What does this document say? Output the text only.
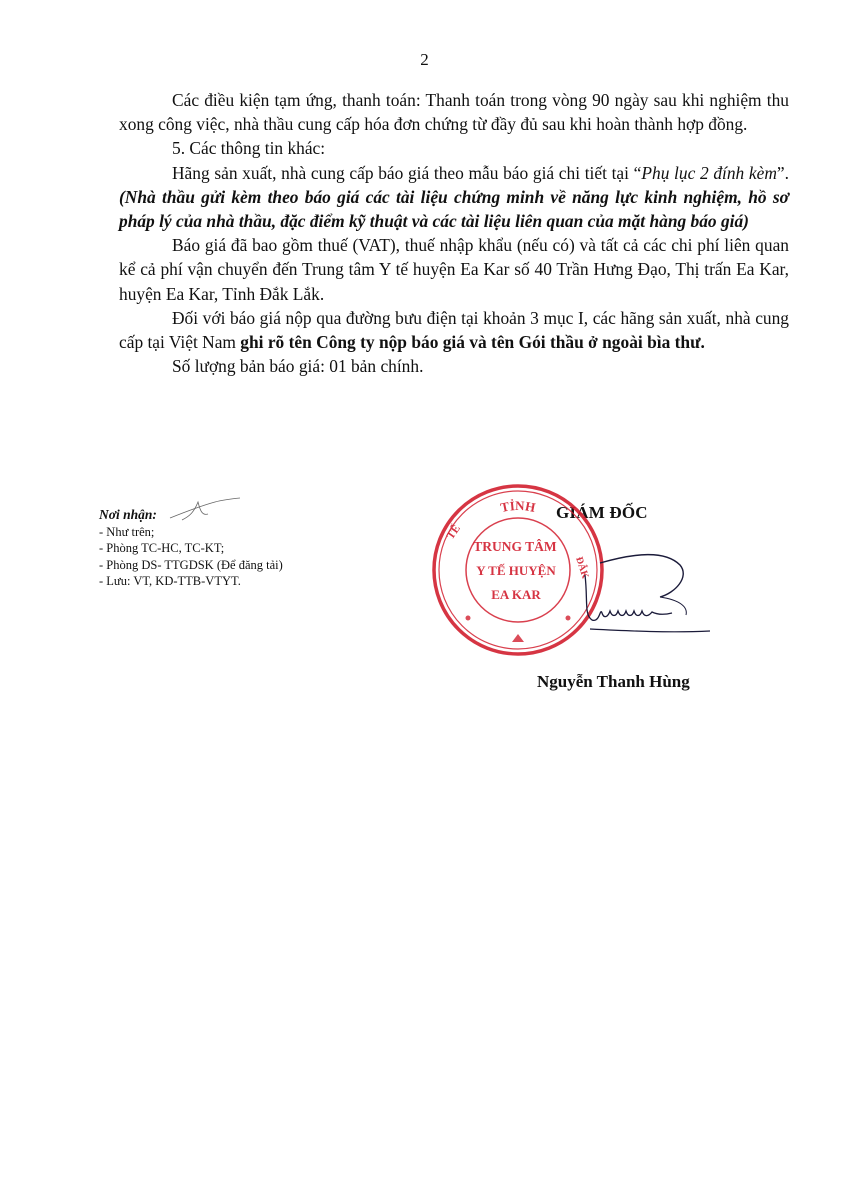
2

Các điều kiện tạm ứng, thanh toán: Thanh toán trong vòng 90 ngày sau khi nghiệm thu xong công việc, nhà thầu cung cấp hóa đơn chứng từ đầy đủ sau khi hoàn thành hợp đồng.

5. Các thông tin khác:

Hãng sản xuất, nhà cung cấp báo giá theo mẫu báo giá chi tiết tại “Phụ lục 2 đính kèm”. (Nhà thầu gửi kèm theo báo giá các tài liệu chứng minh về năng lực kinh nghiệm, hồ sơ pháp lý của nhà thầu, đặc điểm kỹ thuật và các tài liệu liên quan của mặt hàng báo giá)

Báo giá đã bao gồm thuế (VAT), thuế nhập khẩu (nếu có) và tất cả các chi phí liên quan kể cả phí vận chuyển đến Trung tâm Y tế huyện Ea Kar số 40 Trần Hưng Đạo, Thị trấn Ea Kar, huyện Ea Kar, Tỉnh Đắk Lắk.

Đối với báo giá nộp qua đường bưu điện tại khoản 3 mục I, các hãng sản xuất, nhà cung cấp tại Việt Nam ghi rõ tên Công ty nộp báo giá và tên Gói thầu ở ngoài bìa thư.

Số lượng bản báo giá: 01 bản chính.

Nơi nhận:
- Như trên;
- Phòng TC-HC, TC-KT;
- Phòng DS- TTGDSK (Để đăng tải)
- Lưu: VT, KD-TTB-VTYT.
GIÁM ĐỐC
TỈNH
TẾ
ĐẮK
TRUNG TÂM
Y TẾ HUYỆN
EA KAR
Nguyễn Thanh Hùng
